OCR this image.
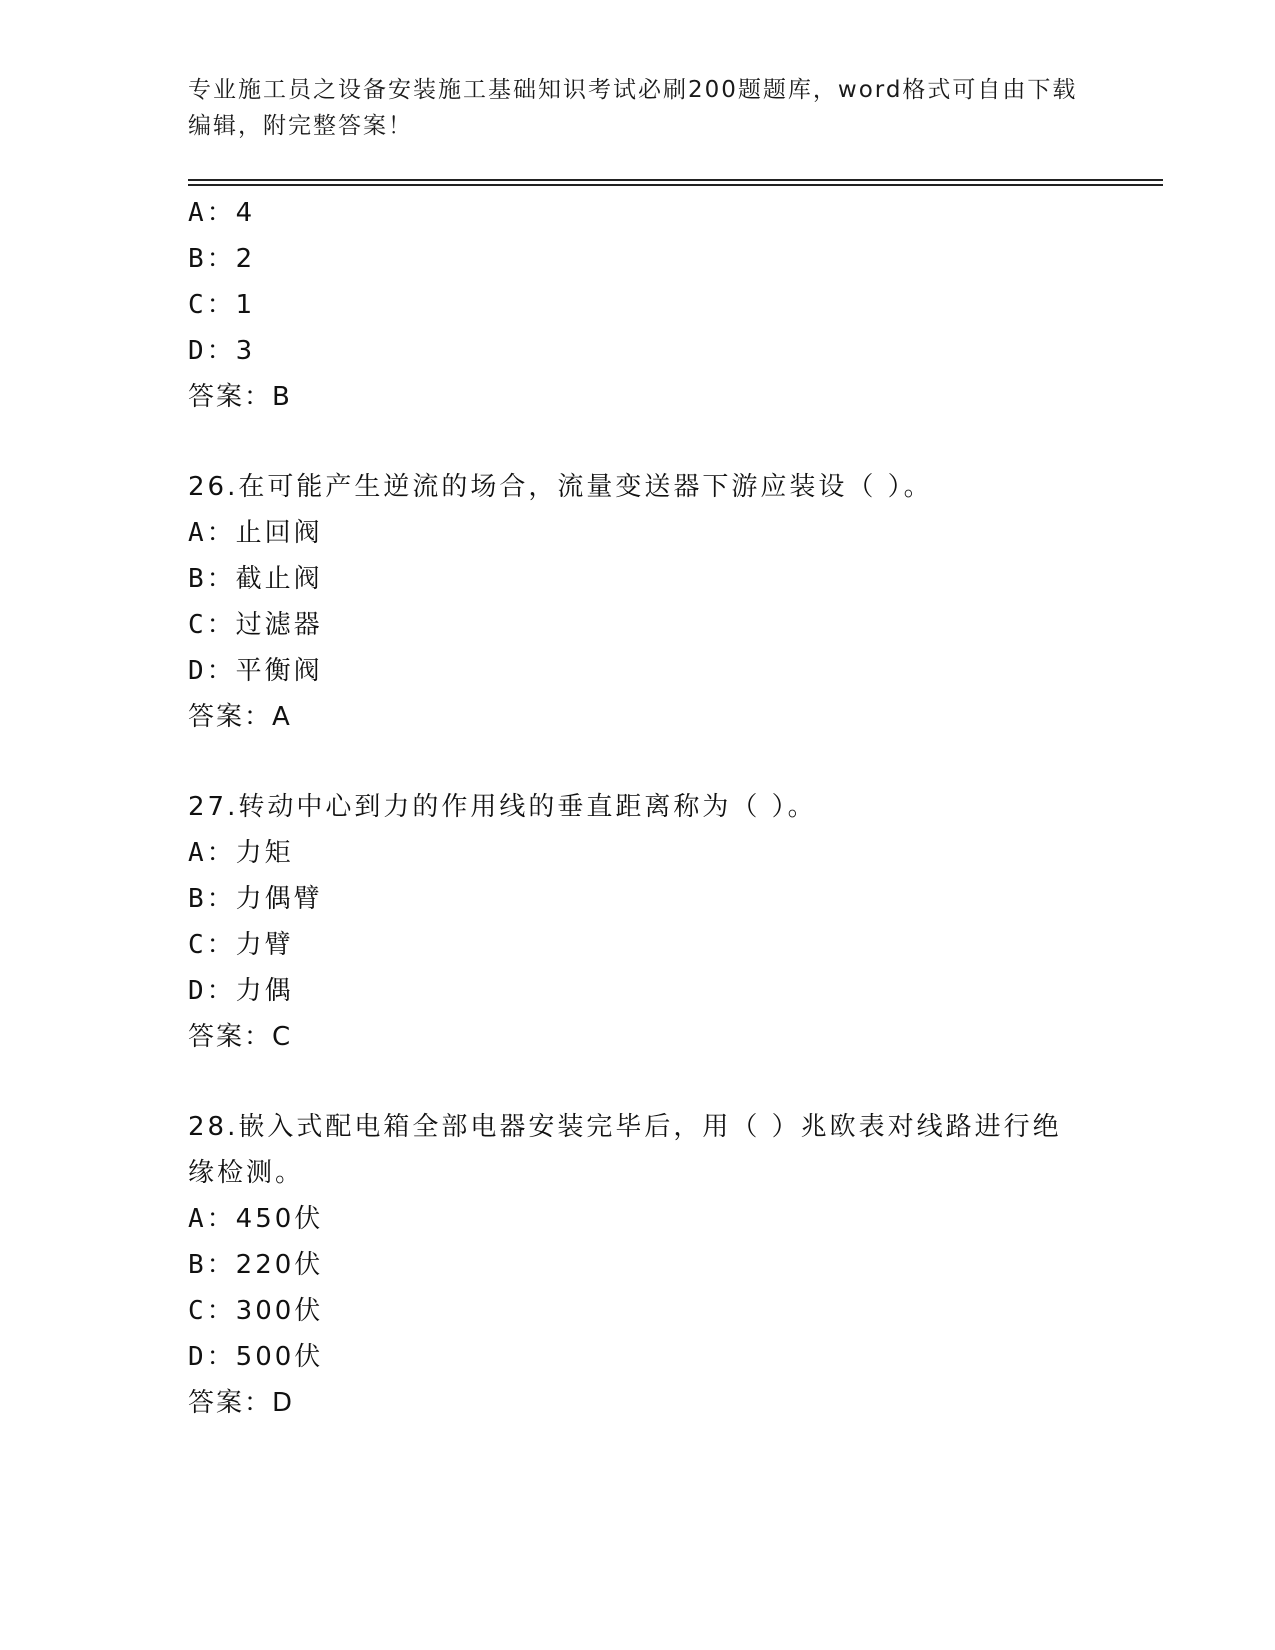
专业施工员之设备安装施工基础知识考试必刷200题题库，word格式可自由下载编辑，附完整答案！
A：4
B：2
C：1
D：3
答案：B
26.在可能产生逆流的场合，流量变送器下游应装设（ ）。
A：止回阀
B：截止阀
C：过滤器
D：平衡阀
答案：A
27.转动中心到力的作用线的垂直距离称为（ ）。
A：力矩
B：力偶臂
C：力臂
D：力偶
答案：C
28.嵌入式配电箱全部电器安装完毕后，用（ ）兆欧表对线路进行绝缘检测。
A：450伏
B：220伏
C：300伏
D：500伏
答案：D
